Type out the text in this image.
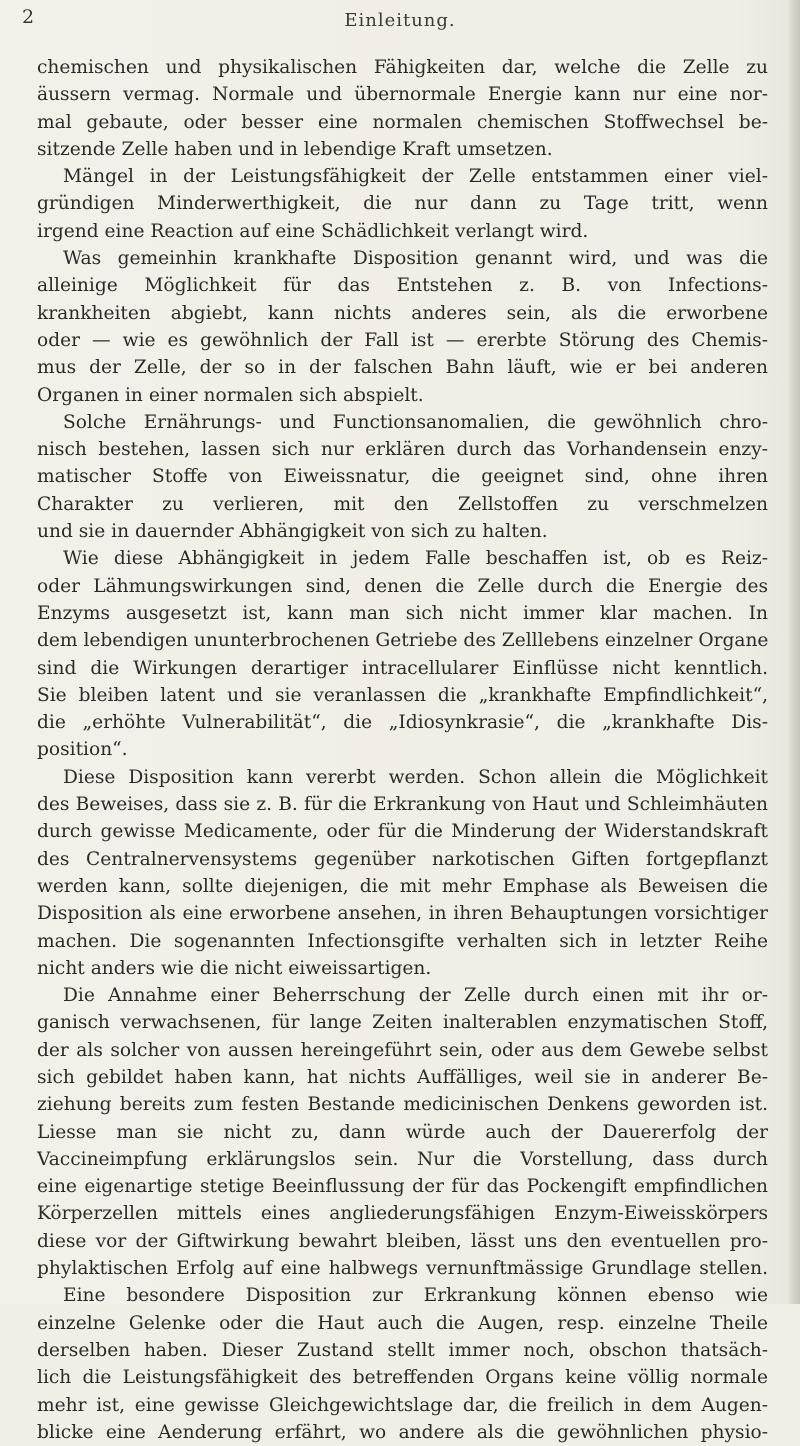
2	Einleitung.
chemischen und physikalischen Fähigkeiten dar, welche die Zelle zu
äussern vermag. Normale und übernormale Energie kann nur eine nor-
mal gebaute, oder besser eine normalen chemischen Stoffwechsel be-
sitzende Zelle haben und in lebendige Kraft umsetzen.
Mängel in der Leistungsfähigkeit der Zelle entstammen einer viel-
gründigen Minderwerthigkeit, die nur dann zu Tage tritt, wenn
irgend eine Reaction auf eine Schädlichkeit verlangt wird.
Was gemeinhin krankhafte Disposition genannt wird, und was die
alleinige Möglichkeit für das Entstehen z. B. von Infections-
krankheiten abgiebt, kann nichts anderes sein, als die erworbene
oder — wie es gewöhnlich der Fall ist — ererbte Störung des Chemis-
mus der Zelle, der so in der falschen Bahn läuft, wie er bei anderen
Organen in einer normalen sich abspielt.
Solche Ernährungs- und Functionsanomalien, die gewöhnlich chro-
nisch bestehen, lassen sich nur erklären durch das Vorhandensein enzy-
matischer Stoffe von Eiweissnatur, die geeignet sind, ohne ihren
Charakter zu verlieren, mit den Zellstoffen zu verschmelzen
und sie in dauernder Abhängigkeit von sich zu halten.
Wie diese Abhängigkeit in jedem Falle beschaffen ist, ob es Reiz-
oder Lähmungswirkungen sind, denen die Zelle durch die Energie des
Enzyms ausgesetzt ist, kann man sich nicht immer klar machen. In
dem lebendigen ununterbrochenen Getriebe des Zelllebens einzelner Organe
sind die Wirkungen derartiger intracellularer Einflüsse nicht kenntlich.
Sie bleiben latent und sie veranlassen die „krankhafte Empfindlichkeit“,
die „erhöhte Vulnerabilität“, die „Idiosynkrasie“, die „krankhafte Dis-
position“.
Diese Disposition kann vererbt werden. Schon allein die Möglichkeit
des Beweises, dass sie z. B. für die Erkrankung von Haut und Schleimhäuten
durch gewisse Medicamente, oder für die Minderung der Widerstandskraft
des Centralnervensystems gegenüber narkotischen Giften fortgepflanzt
werden kann, sollte diejenigen, die mit mehr Emphase als Beweisen die
Disposition als eine erworbene ansehen, in ihren Behauptungen vorsichtiger
machen. Die sogenannten Infectionsgifte verhalten sich in letzter Reihe
nicht anders wie die nicht eiweissartigen.
Die Annahme einer Beherrschung der Zelle durch einen mit ihr or-
ganisch verwachsenen, für lange Zeiten inalterablen enzymatischen Stoff,
der als solcher von aussen hereingeführt sein, oder aus dem Gewebe selbst
sich gebildet haben kann, hat nichts Auffälliges, weil sie in anderer Be-
ziehung bereits zum festen Bestande medicinischen Denkens geworden ist.
Liesse man sie nicht zu, dann würde auch der Dauererfolg der
Vaccineimpfung erklärungslos sein. Nur die Vorstellung, dass durch
eine eigenartige stetige Beeinflussung der für das Pockengift empfindlichen
Körperzellen mittels eines angliederungsfähigen Enzym-Eiweisskörpers
diese vor der Giftwirkung bewahrt bleiben, lässt uns den eventuellen pro-
phylaktischen Erfolg auf eine halbwegs vernunftmässige Grundlage stellen.
Eine besondere Disposition zur Erkrankung können ebenso wie
einzelne Gelenke oder die Haut auch die Augen, resp. einzelne Theile
derselben haben. Dieser Zustand stellt immer noch, obschon thatsäch-
lich die Leistungsfähigkeit des betreffenden Organs keine völlig normale
mehr ist, eine gewisse Gleichgewichtslage dar, die freilich in dem Augen-
blicke eine Aenderung erfährt, wo andere als die gewöhnlichen physio-
